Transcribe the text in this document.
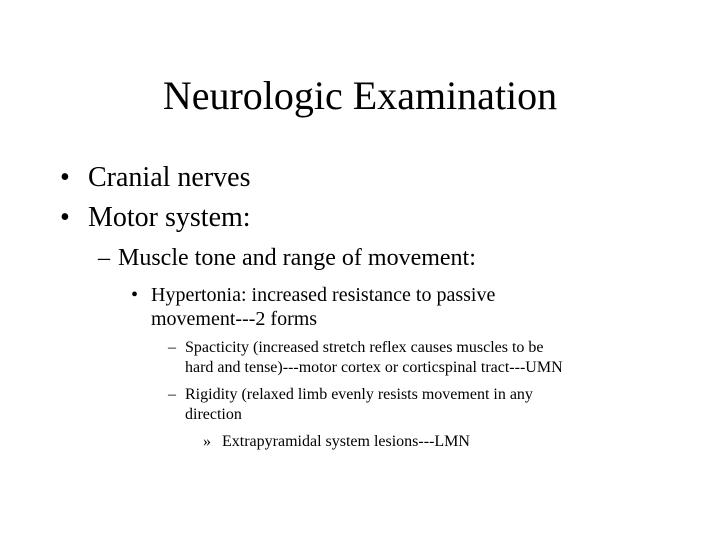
Neurologic Examination
• Cranial nerves
• Motor system:
– Muscle tone and range of movement:
• Hypertonia: increased resistance to passive
movement---2 forms
– Spacticity (increased stretch reflex causes muscles to be
hard and tense)---motor cortex or corticspinal tract---UMN
– Rigidity (relaxed limb evenly resists movement in any
direction
» Extrapyramidal system lesions---LMN
